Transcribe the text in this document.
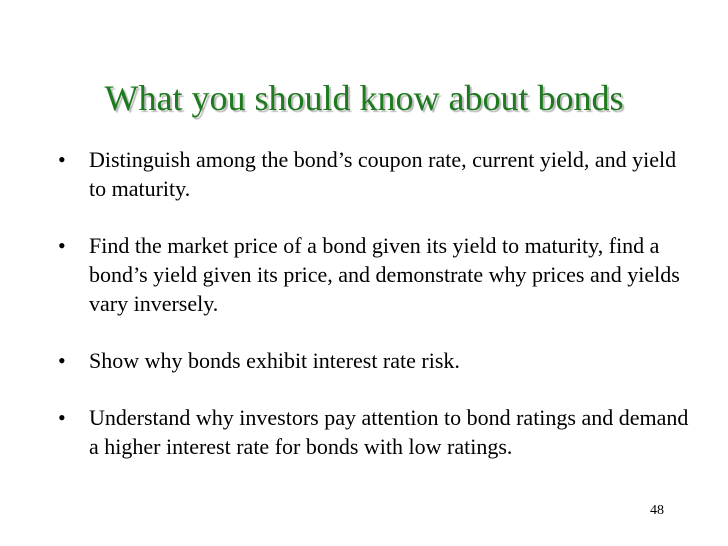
What you should know about bonds
•	Distinguish among the bond’s coupon rate, current yield, and yield to maturity.
•	Find the market price of a bond given its yield to maturity, find a bond’s yield given its price, and demonstrate why prices and yields vary inversely.
•	Show why bonds exhibit interest rate risk.
•	Understand why investors pay attention to bond ratings and demand a higher interest rate for bonds with low ratings.
48
